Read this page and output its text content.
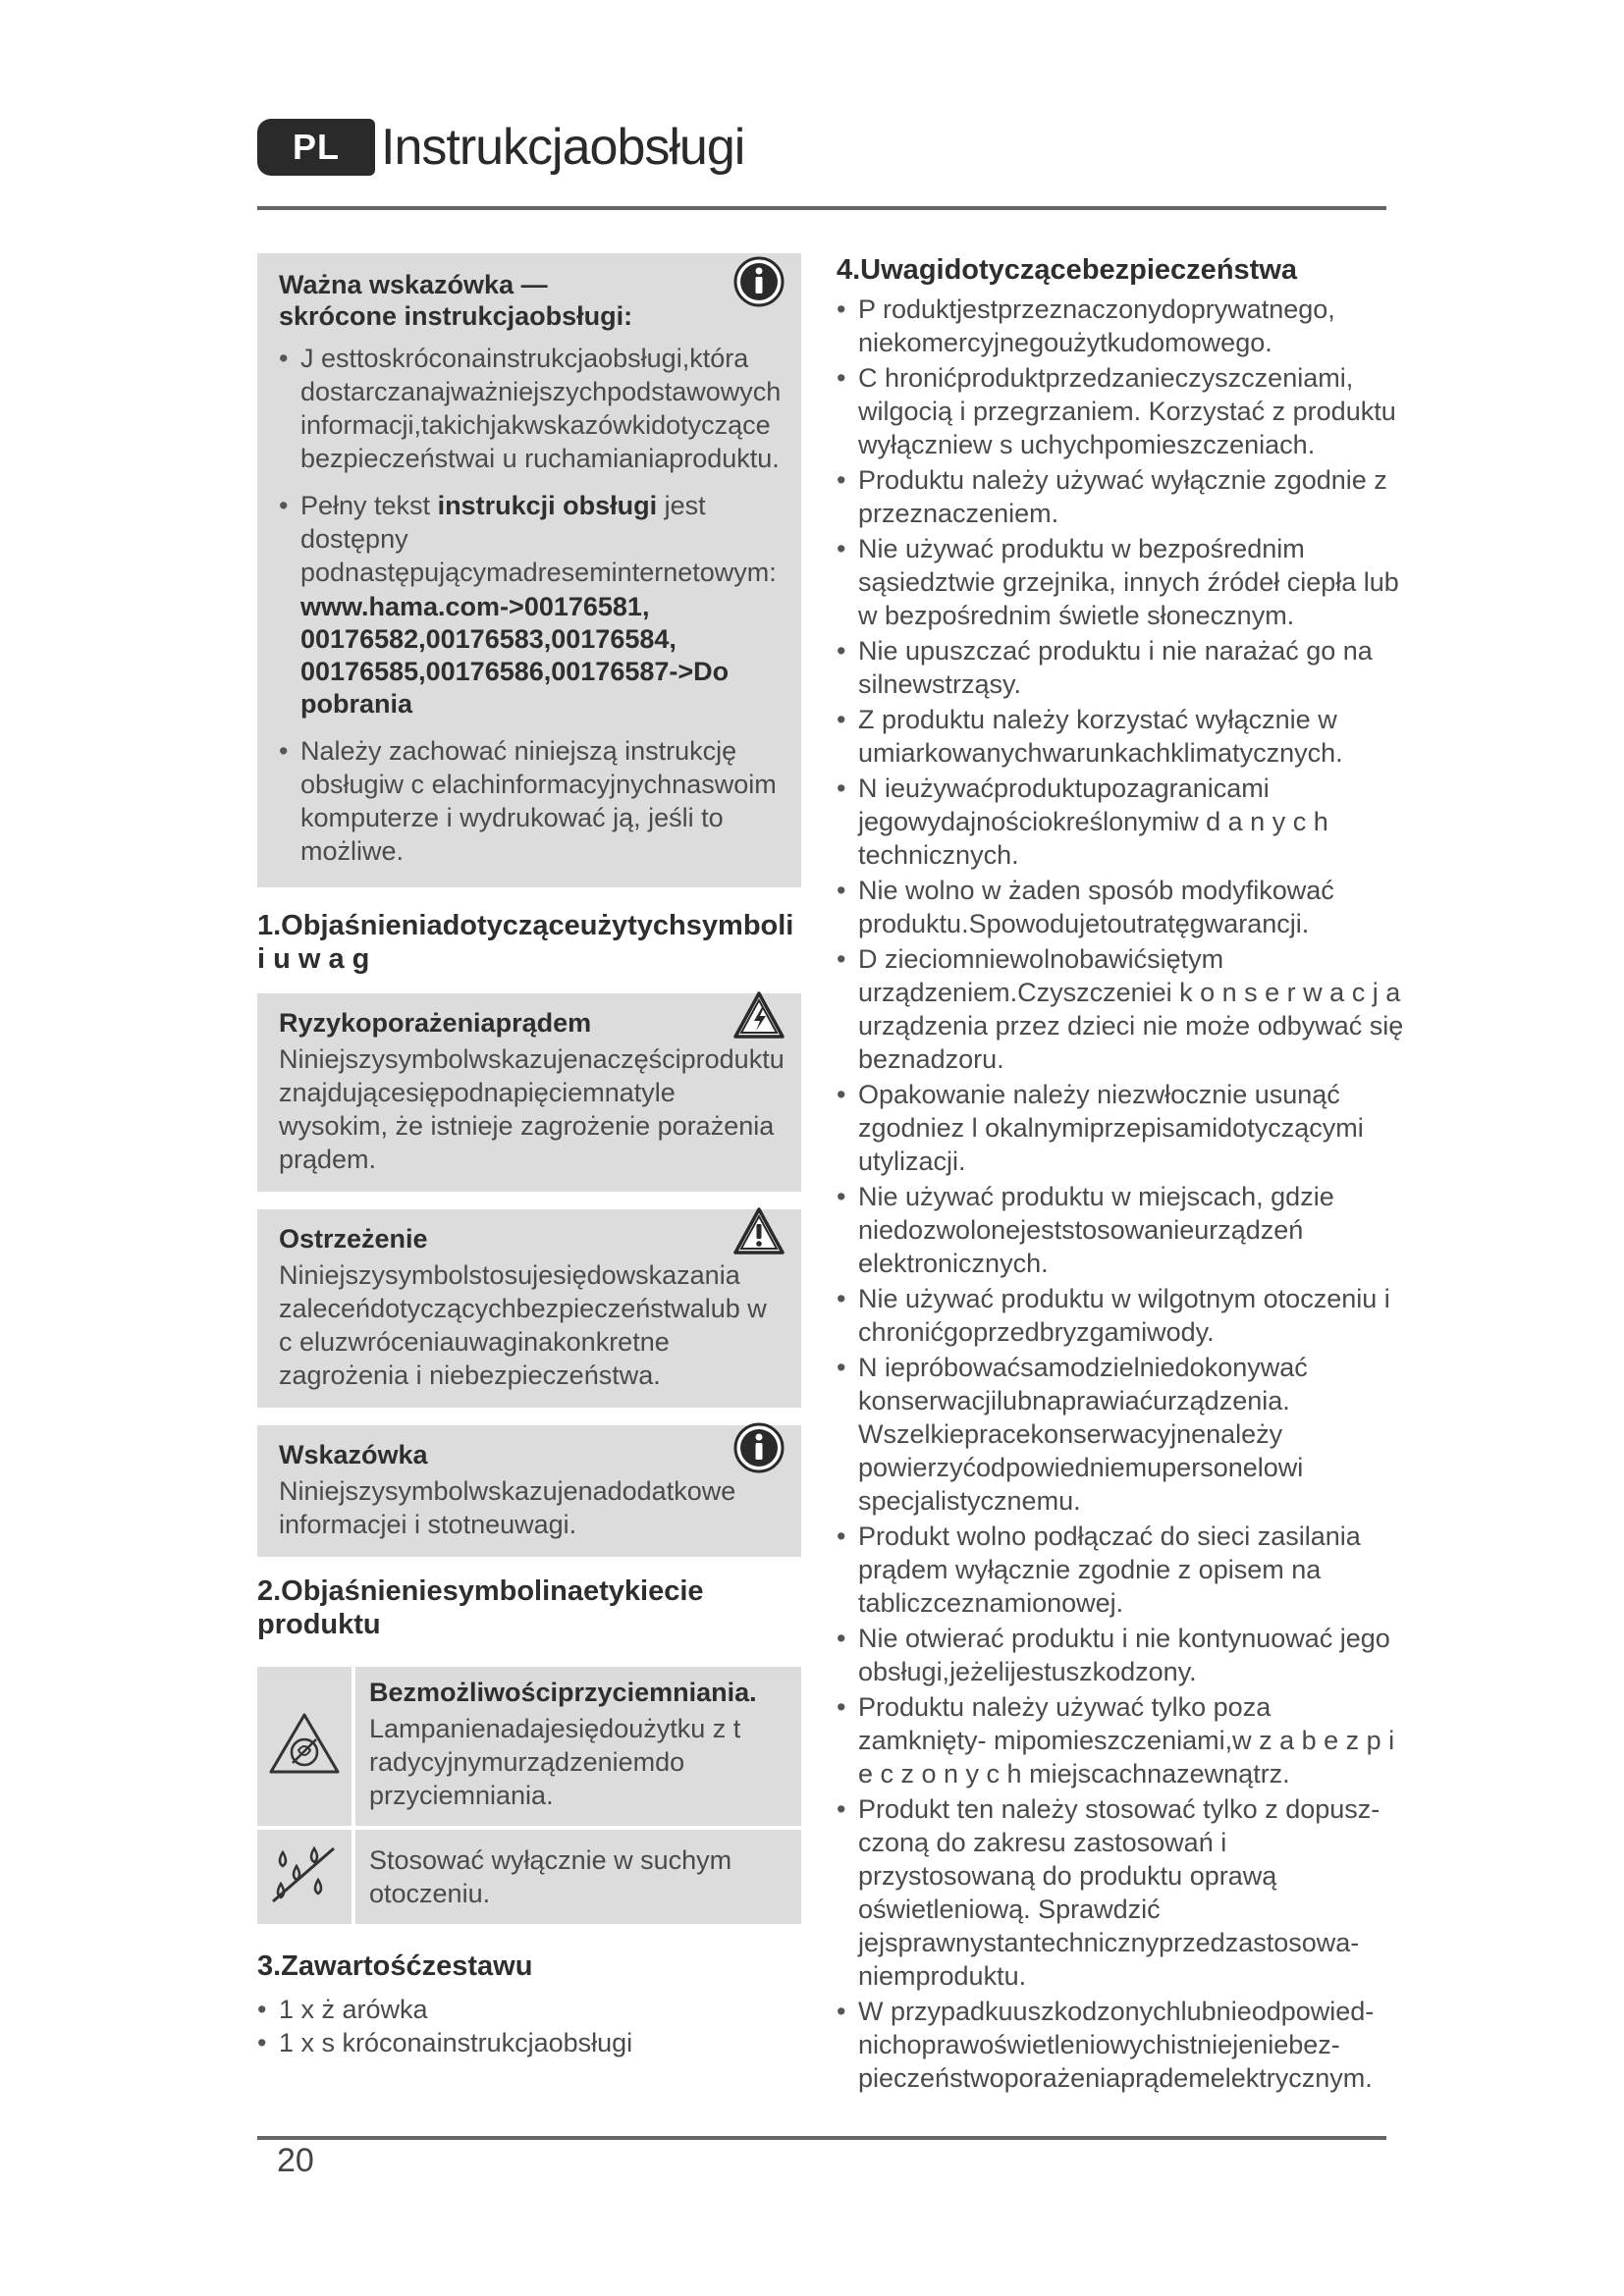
PL Instrukcjaobsługi
Ważna wskazówka — skrócone instrukcjaobsługi:
• J esttoskróconainstrukcjaobsługi,która dostarczanajważniejszychpodstawowych informacji,takichjakwskazówkidotyczące bezpieczeństwai u ruchamianiaproduktu.
• Pełny tekst instrukcji obsługi jest dostępny podnastępującymadreseminternetowym:
www.hama.com->00176581, 00176582,00176583,00176584, 00176585,00176586,00176587->Do pobrania
• Należy zachować niniejszą instrukcję obsługiw c elachinformacyjnychnaswoim komputerze i wydrukować ją, jeśli to możliwe.
1.Objaśnieniadotycząceużytychsymboli i u w a g
Ryzykoporażeniaprądem
Niniejszysymbolwskazujenaczęściproduktu znajdującesiępodnapięciemnatyle wysokim, że istnieje zagrożenie porażenia prądem.
Ostrzeżenie
Niniejszysymbolstosujesiędowskazania zaleceńdotyczącychbezpieczeństwalub w c eluzwróceniauwaginakonkretne zagrożenia i niebezpieczeństwa.
Wskazówka
Niniejszysymbolwskazujenadodatkowe informacjei i stotneuwagi.
2.Objaśnieniesymbolinaetykiecie produktu

Bezmożliwościprzyciemniania.
Lampanienadajesiędoużytku z t radycyjnymurządzeniemdo przyciemniania.

Stosować wyłącznie w suchym otoczeniu.
3.Zawartośćzestawu
• 1 x ż arówka
• 1 x s króconainstrukcjaobsługi
4.Uwagidotyczącebezpieczeństwa
• P roduktjestprzeznaczonydoprywatnego, niekomercyjnegoużytkudomowego.
• C hronićproduktprzedzanieczyszczeniami, wilgocią i przegrzaniem. Korzystać z produktu wyłączniew s uchychpomieszczeniach.
• Produktu należy używać wyłącznie zgodnie z przeznaczeniem.
• Nie używać produktu w bezpośrednim sąsiedztwie grzejnika, innych źródeł ciepła lub w bezpośrednim świetle słonecznym.
• Nie upuszczać produktu i nie narażać go na silnewstrząsy.
• Z produktu należy korzystać wyłącznie w umiarkowanychwarunkachklimatycznych.
• N ieużywaćproduktupozagranicami jegowydajnościokreślonymiw d a n y c h technicznych.
• Nie wolno w żaden sposób modyfikować produktu.Spowodujetoutratęgwarancji.
• D zieciomniewolnobawićsiętym urządzeniem.Czyszczeniei k o n s e r w a c j a urządzenia przez dzieci nie może odbywać się beznadzoru.
• Opakowanie należy niezwłocznie usunąć zgodniez l okalnymiprzepisamidotyczącymi utylizacji.
• Nie używać produktu w miejscach, gdzie niedozwolonejeststosowanieurządzeń elektronicznych.
• Nie używać produktu w wilgotnym otoczeniu i chronićgoprzedbryzgamiwody.
• N iepróbowaćsamodzielniedokonywać konserwacjilubnaprawiaćurządzenia. Wszelkiepracekonserwacyjnenależy powierzyćodpowiedniemupersonelowi specjalistycznemu.
• Produkt wolno podłączać do sieci zasilania prądem wyłącznie zgodnie z opisem na tabliczceznamionowej.
• Nie otwierać produktu i nie kontynuować jego obsługi,jeżelijestuszkodzony.
• Produktu należy używać tylko poza zamknięty- mipomieszczeniami,w z a b e z p i e c z o n y c h miejscachnazewnątrz.
• Produkt ten należy stosować tylko z dopusz- czoną do zakresu zastosowań i przystosowaną do produktu oprawą oświetleniową. Sprawdzić jejsprawnystantechnicznyprzedzastosowa- niemproduktu.
• W przypadkuuszkodzonychlubnieodpowied- nichoprawoświetleniowychistniejeniebez- pieczeństwoporażeniaprądemelektrycznym.
20
